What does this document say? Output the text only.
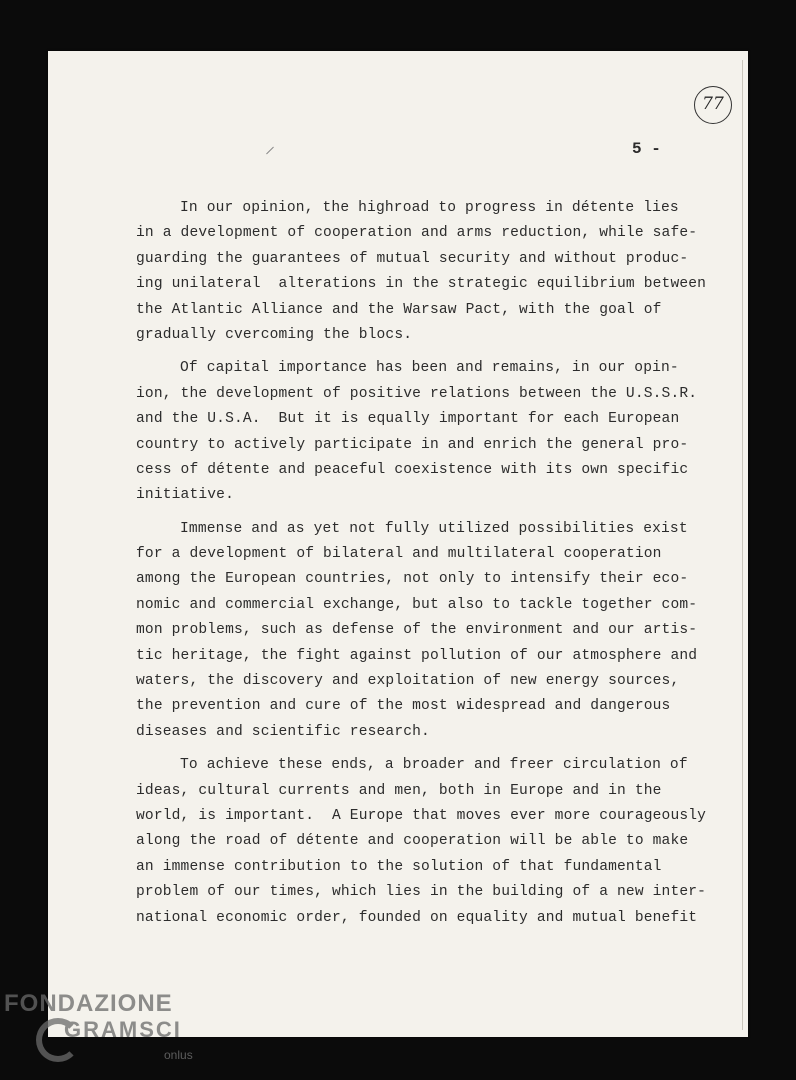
77
5 -
In our opinion, the highroad to progress in détente lies
in a development of cooperation and arms reduction, while safe-
guarding the guarantees of mutual security and without produc-
ing unilateral  alterations in the strategic equilibrium between
the Atlantic Alliance and the Warsaw Pact, with the goal of
gradually cvercoming the blocs.
Of capital importance has been and remains, in our opin-
ion, the development of positive relations between the U.S.S.R.
and the U.S.A.  But it is equally important for each European
country to actively participate in and enrich the general pro-
cess of détente and peaceful coexistence with its own specific
initiative.
Immense and as yet not fully utilized possibilities exist
for a development of bilateral and multilateral cooperation
among the European countries, not only to intensify their eco-
nomic and commercial exchange, but also to tackle together com-
mon problems, such as defense of the environment and our artis-
tic heritage, the fight against pollution of our atmosphere and
waters, the discovery and exploitation of new energy sources,
the prevention and cure of the most widespread and dangerous
diseases and scientific research.
To achieve these ends, a broader and freer circulation of
ideas, cultural currents and men, both in Europe and in the
world, is important.  A Europe that moves ever more courageously
along the road of détente and cooperation will be able to make
an immense contribution to the solution of that fundamental
problem of our times, which lies in the building of a new inter-
national economic order, founded on equality and mutual benefit
FONDAZIONE
GRAMSCI
onlus
